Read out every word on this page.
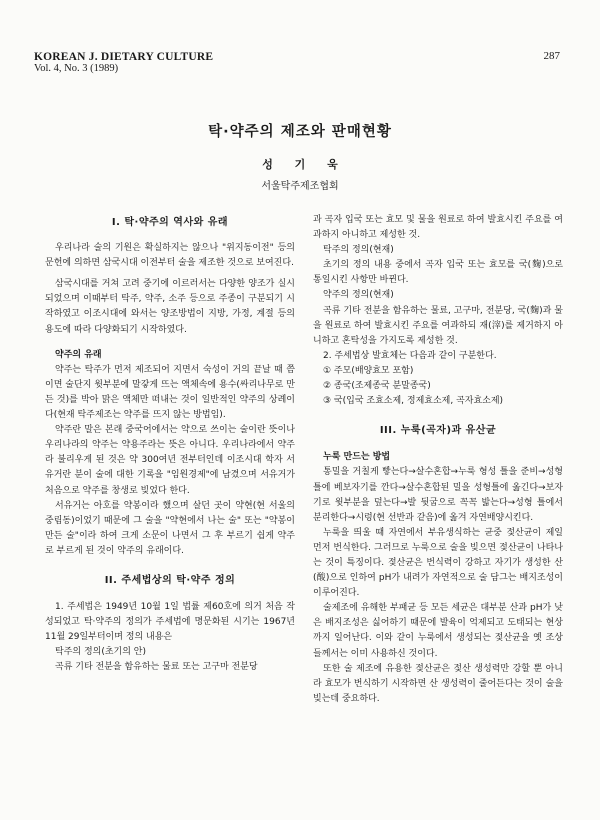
KOREAN J. DIETARY CULTURE
Vol. 4, No. 3 (1989)
287
탁·약주의 제조와 판매현황
성 기 욱
서울탁주제조협회
I. 탁·약주의 역사와 유래

우리나라 술의 기원은 확실하지는 않으나 "위지동이전" 등의 문헌에 의하면 삼국시대 이전부터 술을 제조한 것으로 보여진다.

삼국시대를 거쳐 고려 중기에 이르러서는 다양한 양조가 실시되었으며 이때부터 탁주, 약주, 소주 등으로 주종이 구분되기 시작하였고 이조시대에 와서는 양조방법이 지방, 가정, 계절 등의 용도에 따라 다양화되기 시작하였다.

약주의 유래

약주는 탁주가 먼저 제조되어 지면서 숙성이 거의 끝날 때 쯤이면 술단지 윗부분에 말갛게 뜨는 액체속에 용수(싸리나무로 만든 것)를 박아 맑은 액체만 떠내는 것이 일반적인 약주의 상례이다(현재 탁주제조는 약주를 뜨지 않는 방법임).

약주란 말은 본래 중국어에서는 약으로 쓰이는 술이란 뜻이나 우리나라의 약주는 약용주라는 뜻은 아니다. 우리나라에서 약주라 불리우게 된 것은 약 300여년 전부터인데 이조시대 학자 서유거란 분이 술에 대한 기록을 "임원경제"에 남겼으며 서유거가 처음으로 약주를 창생로 빚었다 한다.

서유거는 아호를 약봉이라 했으며 살던 곳이 약현(현 서울의 중림동)이었기 때문에 그 술을 "약현에서 나는 술" 또는 "약봉이 만든 술"이라 하여 크게 소문이 나면서 그 후 부르기 쉽게 약주로 부르게 된 것이 약주의 유래이다.

II. 주세법상의 탁·약주 정의

1. 주세법은 1949년 10월 1일 법률 제60호에 의거 처음 작성되었고 탁·약주의 정의가 주세법에 명문화된 시기는 1967년 11월 29일부터이며 정의 내용은

탁주의 정의(초기의 안)

곡류 기타 전분을 함유하는 물료 또는 고구마 전분당

과 곡자 입국 또는 효모 및 물을 원료로 하여 발효시킨 주요를 여과하지 아니하고 제성한 것.

탁주의 정의(현재)

초기의 정의 내용 중에서 곡자 입국 또는 효모를 국(麴)으로 통일시킨 사항만 바뀐다.

약주의 정의(현재)

곡류 기타 전분을 함유하는 물료, 고구마, 전분당, 국(麴)과 물을 원료로 하여 발효시킨 주요를 여과하되 재(滓)를 제거하지 아니하고 혼탁성을 가지도록 제성한 것.

2. 주세법상 발효체는 다음과 같이 구분한다.

① 주모(배양효모 포함)

② 종국(조제종국 분말종국)

③ 국(입국 조효소제, 정제효소제, 곡자효소제)

III. 누룩(곡자)과 유산균
누룩 만드는 방법

통밀을 거칠게 빻는다→살수혼합→누룩 형성 틀을 준비→성형 틀에 베보자기를 깐다→살수혼합된 밀을 성형틀에 옮긴다→보자기로 윗부분을 덮는다→발 뒷굽으로 꼭꼭 밟는다→성형 틀에서 분리한다→시렁(현 선반과 같음)에 옮겨 자연배양시킨다.

누룩을 띄울 때 자연에서 부유생식하는 균중 젖산균이 제일 먼저 번식한다. 그러므로 누룩으로 술을 빚으면 젖산균이 나타나는 것이 특징이다. 젖산균은 번식력이 강하고 자기가 생성한 산(酸)으로 인하여 pH가 내려가 자연적으로 술 담그는 배지조성이 이루어진다.

술제조에 유해한 부패균 등 모든 세균은 대부분 산과 pH가 낮은 배지조성은 싫어하기 때문에 발육이 억제되고 도태되는 현상까지 일어난다. 이와 같이 누룩에서 생성되는 젖산균을 옛 조상들께서는 이미 사용하신 것이다.

또한 술 제조에 유용한 젖산균은 젖산 생성력만 강할 뿐 아니라 효모가 번식하기 시작하면 산 생성력이 줄어든다는 것이 술을 빚는데 중요하다.
